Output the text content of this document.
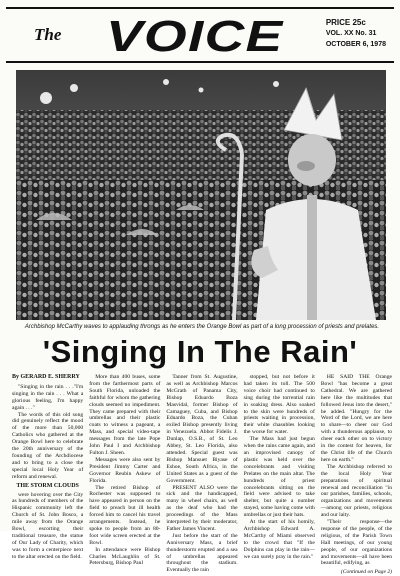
The VOICE	PRICE 25c
VOL. XX No. 31
OCTOBER 6, 1978
Archbishop McCarthy waves to applauding throngs as he enters the Orange Bowl as part of a long procession of priests and prelates.
'Singing In The Rain'

By GERARD E. SHERRY

"Singing in the rain . . ."I'm singing in the rain . . . What a glorious feeling, I'm happy again . . ."

The words of this old song did genuinely reflect the mood of the more than 50,000 Catholics who gathered at the Orange Bowl here to celebrate the 20th anniversary of the founding of the Archdiocese and to bring to a close the special local Holy Year of reform and renewal.

THE STORM CLOUDS

were hovering over the City as hundreds of members of the Hispanic community left the Church of St. John Bosco, a mile away from the Orange Bowl, escorting their traditional treasure, the statue of Our Lady of Charity, which was to form a centerpiece next to the altar erected on the field.

More than 400 buses, some from the farthermost parts of South Florida, unloaded the faithful for whom the gathering clouds seemed no impediment. They came prepared with their umbrellas and their plastic coats to witness a pageant, a Mass, and special video-tape messages from the late Pope John Paul I and Archbishop Fulton J. Sheen.

Messages were also sent by President Jimmy Carter and Governor Reubin Askew of Florida.

The retired Bishop of Rochester was supposed to have appeared in person on the field to preach but ill health forced him to cancel his travel arrangements. Instead, he spoke to people from an 80-foot wide screen erected at the Bowl.

In attendance were Bishop Charles McLaughlin of St. Petersburg, Bishop Paul

Tanner from St. Augustine, as well as Archbishop Marcos McGrath of Panama City, Bishop Eduardo Boza Masvidal, former Bishop of Camaguey, Cuba, and Bishop Eduardo Boza, the Cuban exiled Bishop presently living in Venezuela. Abbot Fidelis J. Dunlap, O.S.B., of St. Leo Abbey, St. Leo Florida, also attended. Special guest was Bishop Mansuet Biyase of Eshoe, South Africa, in the United States as a guest of the Government.

PRESENT ALSO were the sick and the handicapped, many in wheel chairs, as well as the deaf who had the proceedings of the Mass interpreted by their moderator, Father James Vincent.

Just before the start of the Anniversary Mass, a brief thunderstorm erupted and a sea of umbrellas appeared throughout the stadium. Eventually the rain

stopped, but not before it had taken its toll. The 500 voice choir had continued to sing during the torrential rain in soaking dress. Also soaked to the skin were hundreds of priests waiting in procession, their white chasubles looking the worse for water.

The Mass had just begun when the rains came again, and an improvised canopy of plastic was held over the concelebrants and visiting Prelates on the main altar. The hundreds of priest concelebrants sitting on the field were advised to take shelter, but quite a number stayed, some having come with umbrellas or just their hats.

At the start of his homily, Archbishop Edward A. McCarthy of Miami observed to the crowd that "If the Dolphins can play in the rain—we can surely pray in the rain."

HE SAID THE Orange Bowl "has become a great Cathedral. We are gathered here like the multitudes that followed Jesus into the desert," he added. "Hungry for the Word of the Lord, we are here to share—to cheer our God with a thunderous applause, to cheer each other on to victory in the contest for heaven, for the Christ life of the Church here on earth."

The Archbishop referred to the local Holy Year preparations of spiritual renewal and reconciliation "in our parishes, families, schools, organizations and movements—among our priests, religious and our laity.

"Their response—the response of the people, of the religious, of the Parish Town Hall meetings, of our young people, of our organizations and movements—all have been beautiful, edifying, as

(Continued on Page 2)
